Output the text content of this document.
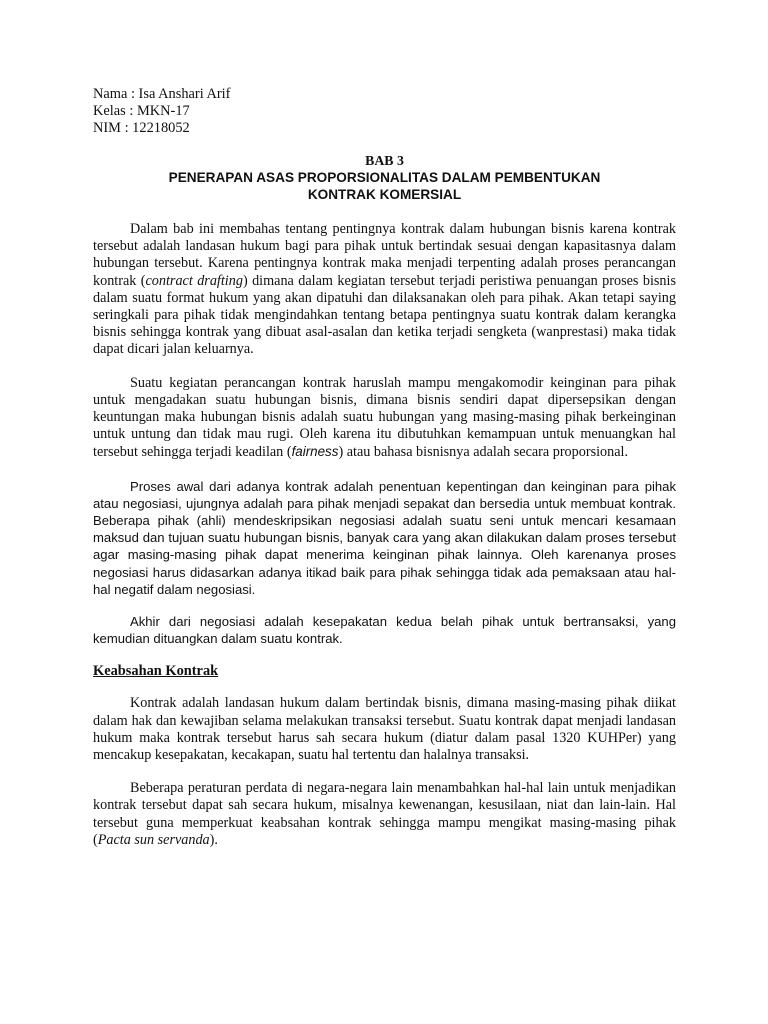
Nama : Isa Anshari Arif

Kelas : MKN-17

NIM : 12218052

BAB 3
PENERAPAN ASAS PROPORSIONALITAS DALAM PEMBENTUKAN
KONTRAK KOMERSIAL

Dalam bab ini membahas tentang pentingnya kontrak dalam hubungan bisnis karena kontrak tersebut adalah landasan hukum bagi para pihak untuk bertindak sesuai dengan kapasitasnya dalam hubungan tersebut. Karena pentingnya kontrak maka menjadi terpenting adalah proses perancangan kontrak (contract drafting) dimana dalam kegiatan tersebut terjadi peristiwa penuangan proses bisnis dalam suatu format hukum yang akan dipatuhi dan dilaksanakan oleh para pihak. Akan tetapi saying seringkali para pihak tidak mengindahkan tentang betapa pentingnya suatu kontrak dalam kerangka bisnis sehingga kontrak yang dibuat asal-asalan dan ketika terjadi sengketa (wanprestasi) maka tidak dapat dicari jalan keluarnya.

Suatu kegiatan perancangan kontrak haruslah mampu mengakomodir keinginan para pihak untuk mengadakan suatu hubungan bisnis, dimana bisnis sendiri dapat dipersepsikan dengan keuntungan maka hubungan bisnis adalah suatu hubungan yang masing-masing pihak berkeinginan untuk untung dan tidak mau rugi. Oleh karena itu dibutuhkan kemampuan untuk menuangkan hal tersebut sehingga terjadi keadilan (fairness) atau bahasa bisnisnya adalah secara proporsional.

Proses awal dari adanya kontrak adalah penentuan kepentingan dan keinginan para pihak atau negosiasi, ujungnya adalah para pihak menjadi sepakat dan bersedia untuk membuat kontrak. Beberapa pihak (ahli) mendeskripsikan negosiasi adalah suatu seni untuk mencari kesamaan maksud dan tujuan suatu hubungan bisnis, banyak cara yang akan dilakukan dalam proses tersebut agar masing-masing pihak dapat menerima keinginan pihak lainnya. Oleh karenanya proses negosiasi harus didasarkan adanya itikad baik para pihak sehingga tidak ada pemaksaan atau hal-hal negatif dalam negosiasi.

Akhir dari negosiasi adalah kesepakatan kedua belah pihak untuk bertransaksi, yang kemudian dituangkan dalam suatu kontrak.

Keabsahan Kontrak

Kontrak adalah landasan hukum dalam bertindak bisnis, dimana masing-masing pihak diikat dalam hak dan kewajiban selama melakukan transaksi tersebut. Suatu kontrak dapat menjadi landasan hukum maka kontrak tersebut harus sah secara hukum (diatur dalam pasal 1320 KUHPer) yang mencakup kesepakatan, kecakapan, suatu hal tertentu dan halalnya transaksi.

Beberapa peraturan perdata di negara-negara lain menambahkan hal-hal lain untuk menjadikan kontrak tersebut dapat sah secara hukum, misalnya kewenangan, kesusilaan, niat dan lain-lain. Hal tersebut guna memperkuat keabsahan kontrak sehingga mampu mengikat masing-masing pihak (Pacta sun servanda).
